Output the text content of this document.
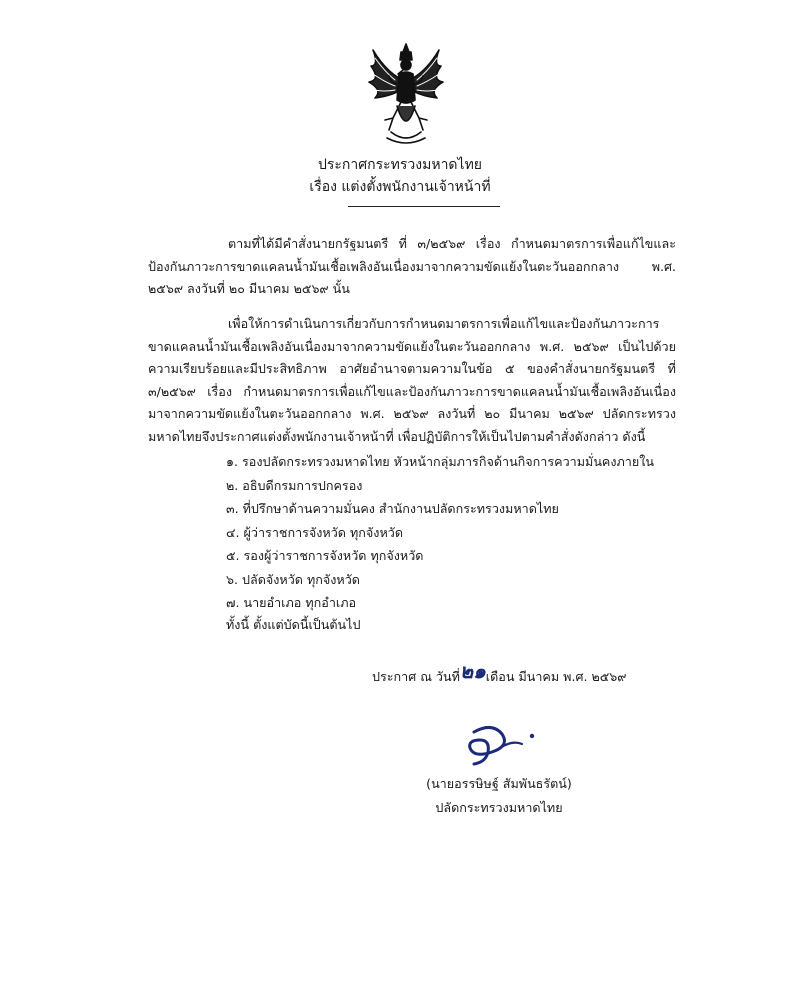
ประกาศกระทรวงมหาดไทย
เรื่อง แต่งตั้งพนักงานเจ้าหน้าที่

ตามที่ได้มีคำสั่งนายกรัฐมนตรี ที่ ๓/๒๕๖๙ เรื่อง กำหนดมาตรการเพื่อแก้ไขและป้องกันภาวะการขาดแคลนน้ำมันเชื้อเพลิงอันเนื่องมาจากความขัดแย้งในตะวันออกกลาง พ.ศ. ๒๕๖๙ ลงวันที่ ๒๐ มีนาคม ๒๕๖๙ นั้น

เพื่อให้การดำเนินการเกี่ยวกับการกำหนดมาตรการเพื่อแก้ไขและป้องกันภาวะการขาดแคลนน้ำมันเชื้อเพลิงอันเนื่องมาจากความขัดแย้งในตะวันออกกลาง พ.ศ. ๒๕๖๙ เป็นไปด้วยความเรียบร้อยและมีประสิทธิภาพ อาศัยอำนาจตามความในข้อ ๕ ของคำสั่งนายกรัฐมนตรี ที่ ๓/๒๕๖๙ เรื่อง กำหนดมาตรการเพื่อแก้ไขและป้องกันภาวะการขาดแคลนน้ำมันเชื้อเพลิงอันเนื่องมาจากความขัดแย้งในตะวันออกกลาง พ.ศ. ๒๕๖๙ ลงวันที่ ๒๐ มีนาคม ๒๕๖๙ ปลัดกระทรวงมหาดไทยจึงประกาศแต่งตั้งพนักงานเจ้าหน้าที่ เพื่อปฏิบัติการให้เป็นไปตามคำสั่งดังกล่าว ดังนี้

๑. รองปลัดกระทรวงมหาดไทย หัวหน้ากลุ่มภารกิจด้านกิจการความมั่นคงภายใน
๒. อธิบดีกรมการปกครอง
๓. ที่ปรึกษาด้านความมั่นคง สำนักงานปลัดกระทรวงมหาดไทย
๔. ผู้ว่าราชการจังหวัด ทุกจังหวัด
๕. รองผู้ว่าราชการจังหวัด ทุกจังหวัด
๖. ปลัดจังหวัด ทุกจังหวัด
๗. นายอำเภอ ทุกอำเภอ
ทั้งนี้ ตั้งแต่บัดนี้เป็นต้นไป
ประกาศ ณ วันที่๒๑เดือน มีนาคม พ.ศ. ๒๕๖๙
(นายอรรษิษฐ์ สัมพันธรัตน์)
ปลัดกระทรวงมหาดไทย
